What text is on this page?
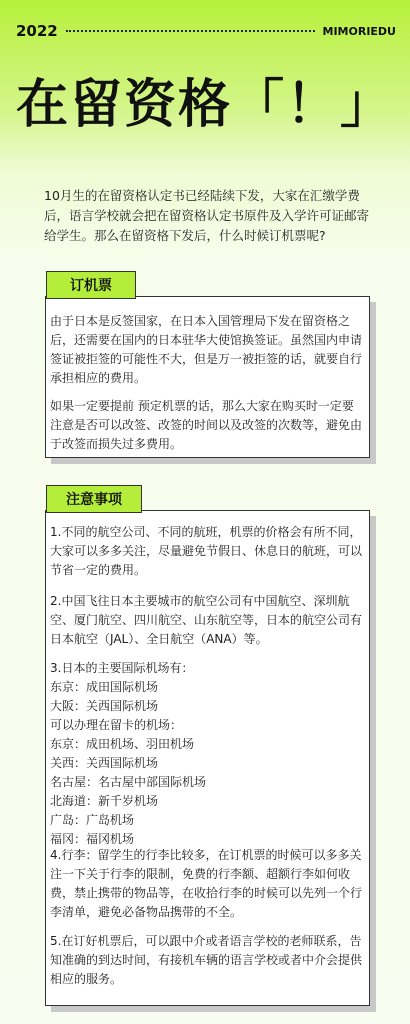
2022	MIMORIEDU
在留资格「！」
10月生的在留资格认定书已经陆续下发，大家在汇缴学费后，语言学校就会把在留资格认定书原件及入学许可证邮寄给学生。那么在留资格下发后，什么时候订机票呢?
订机票
由于日本是反签国家，在日本入国管理局下发在留资格之后，还需要在国内的日本驻华大使馆换签证。虽然国内申请签证被拒签的可能性不大，但是万一被拒签的话，就要自行承担相应的费用。
如果一定要提前 预定机票的话，那么大家在购买时一定要注意是否可以改签、改签的时间以及改签的次数等，避免由于改签而损失过多费用。
注意事项
1.不同的航空公司、不同的航班，机票的价格会有所不同，大家可以多多关注，尽量避免节假日、休息日的航班，可以节省一定的费用。
2.中国飞往日本主要城市的航空公司有中国航空、深圳航空、厦门航空、四川航空、山东航空等，日本的航空公司有日本航空（JAL）、全日航空（ANA）等。
3.日本的主要国际机场有：
东京：成田国际机场
大阪：关西国际机场
可以办理在留卡的机场：
东京：成田机场、羽田机场
关西：关西国际机场
名古屋：名古屋中部国际机场
北海道：新千岁机场
广岛：广岛机场
福冈：福冈机场
4.行李：留学生的行李比较多，在订机票的时候可以多多关注一下关于行李的限制，免费的行李额、超额行李如何收费，禁止携带的物品等，在收拾行李的时候可以先列一个行李清单，避免必备物品携带的不全。
5.在订好机票后，可以跟中介或者语言学校的老师联系，告知准确的到达时间，有接机车辆的语言学校或者中介会提供相应的服务。
